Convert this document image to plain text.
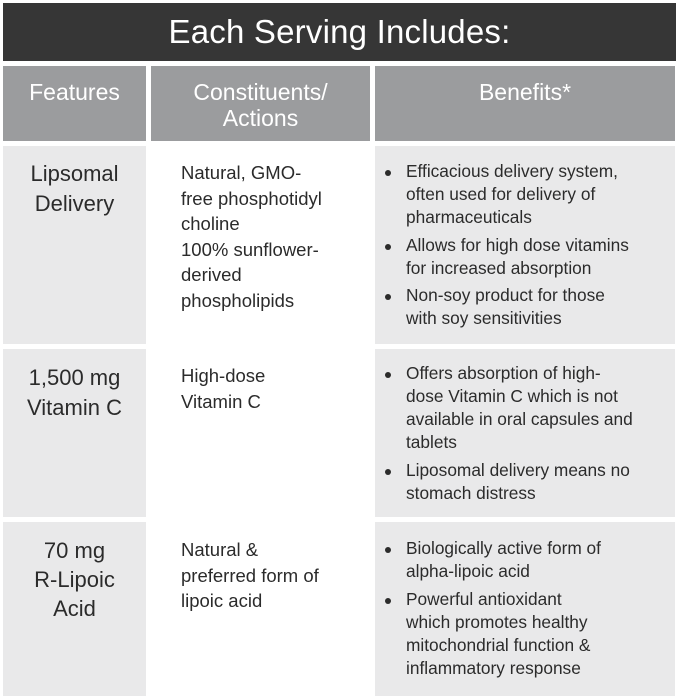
Each Serving Includes:
Features	Constituents/
Actions
Benefits*
Lipsomal
Delivery
Natural, GMO-
free phosphotidyl
choline
100% sunflower-
derived
phospholipids
Efficacious delivery system,
often used for delivery of
pharmaceuticals
Allows for high dose vitamins
for increased absorption
Non-soy product for those
with soy sensitivities
1,500 mg
Vitamin C
High-dose
Vitamin C
Offers absorption of high-
dose Vitamin C which is not
available in oral capsules and
tablets
Liposomal delivery means no
stomach distress
70 mg
R-Lipoic
Acid
Natural &
preferred form of
lipoic acid
Biologically active form of
alpha-lipoic acid
Powerful antioxidant
which promotes healthy
mitochondrial function &
inflammatory response
